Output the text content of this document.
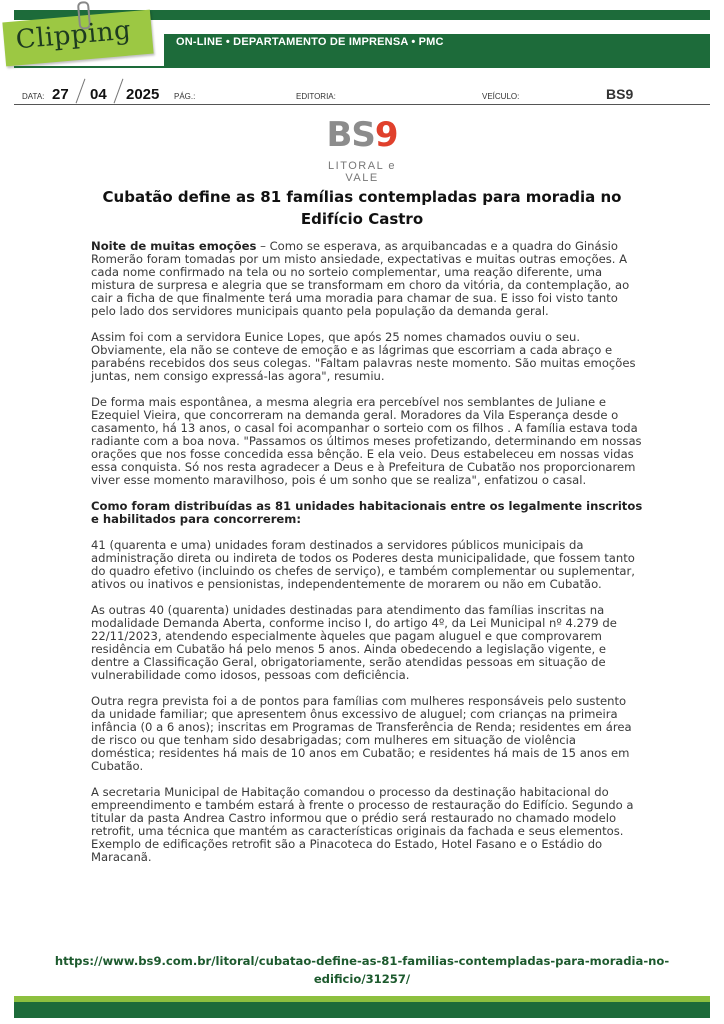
Clipping	ON-LINE • DEPARTAMENTO DE IMPRENSA • PMC
DATA: 27 04 2025 PÁG.:	EDITORIA:	VEÍCULO:	BS9
BS9
LITORAL e VALE
Cubatão define as 81 famílias contempladas para moradia no Edifício Castro

Noite de muitas emoções – Como se esperava, as arquibancadas e a quadra do Ginásio Romerão foram tomadas por um misto ansiedade, expectativas e muitas outras emoções. A cada nome confirmado na tela ou no sorteio complementar, uma reação diferente, uma mistura de surpresa e alegria que se transformam em choro da vitória, da contemplação, ao cair a ficha de que finalmente terá uma moradia para chamar de sua. E isso foi visto tanto pelo lado dos servidores municipais quanto pela população da demanda geral.

Assim foi com a servidora Eunice Lopes, que após 25 nomes chamados ouviu o seu. Obviamente, ela não se conteve de emoção e as lágrimas que escorriam a cada abraço e parabéns recebidos dos seus colegas. "Faltam palavras neste momento. São muitas emoções juntas, nem consigo expressá-las agora", resumiu.

De forma mais espontânea, a mesma alegria era percebível nos semblantes de Juliane e Ezequiel Vieira, que concorreram na demanda geral. Moradores da Vila Esperança desde o casamento, há 13 anos, o casal foi acompanhar o sorteio com os filhos . A família estava toda radiante com a boa nova. "Passamos os últimos meses profetizando, determinando em nossas orações que nos fosse concedida essa bênção. E ela veio. Deus estabeleceu em nossas vidas essa conquista. Só nos resta agradecer a Deus e à Prefeitura de Cubatão nos proporcionarem viver esse momento maravilhoso, pois é um sonho que se realiza", enfatizou o casal.

Como foram distribuídas as 81 unidades habitacionais entre os legalmente inscritos e habilitados para concorrerem:

41 (quarenta e uma) unidades foram destinados a servidores públicos municipais da administração direta ou indireta de todos os Poderes desta municipalidade, que fossem tanto do quadro efetivo (incluindo os chefes de serviço), e também complementar ou suplementar, ativos ou inativos e pensionistas, independentemente de morarem ou não em Cubatão.

As outras 40 (quarenta) unidades destinadas para atendimento das famílias inscritas na modalidade Demanda Aberta, conforme inciso I, do artigo 4º, da Lei Municipal nº 4.279 de 22/11/2023, atendendo especialmente àqueles que pagam aluguel e que comprovarem residência em Cubatão há pelo menos 5 anos. Ainda obedecendo a legislação vigente, e dentre a Classificação Geral, obrigatoriamente, serão atendidas pessoas em situação de vulnerabilidade como idosos, pessoas com deficiência.

Outra regra prevista foi a de pontos para famílias com mulheres responsáveis pelo sustento da unidade familiar; que apresentem ônus excessivo de aluguel; com crianças na primeira infância (0 a 6 anos); inscritas em Programas de Transferência de Renda; residentes em área de risco ou que tenham sido desabrigadas; com mulheres em situação de violência doméstica; residentes há mais de 10 anos em Cubatão; e residentes há mais de 15 anos em Cubatão.

A secretaria Municipal de Habitação comandou o processo da destinação habitacional do empreendimento e também estará à frente o processo de restauração do Edifício. Segundo a titular da pasta Andrea Castro informou que o prédio será restaurado no chamado modelo retrofit, uma técnica que mantém as características originais da fachada e seus elementos. Exemplo de edificações retrofit são a Pinacoteca do Estado, Hotel Fasano e o Estádio do Maracanã.

https://www.bs9.com.br/litoral/cubatao-define-as-81-familias-contempladas-para-moradia-no-edificio/31257/
